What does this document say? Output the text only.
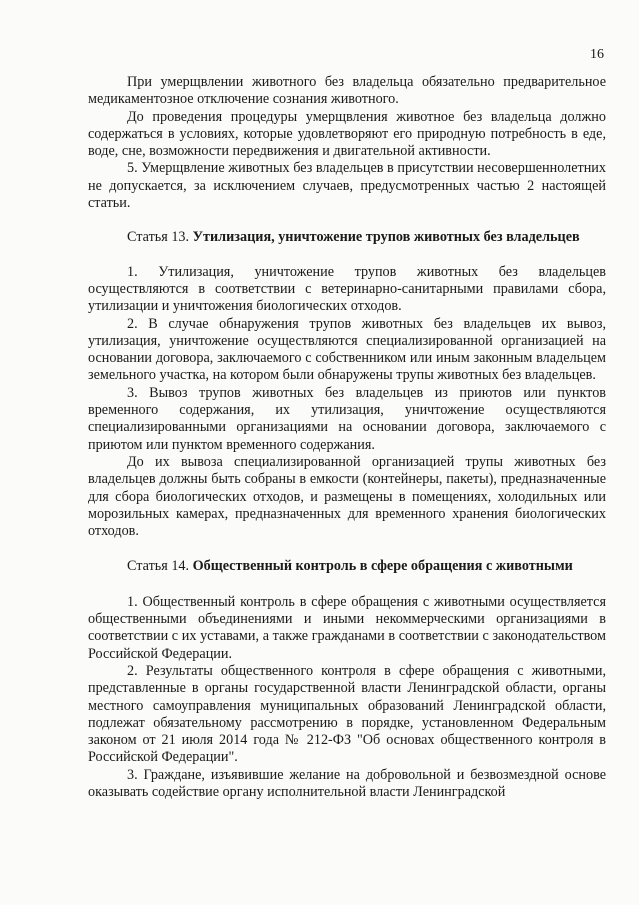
16

При умерщвлении животного без владельца обязательно предварительное медикаментозное отключение сознания животного.

До проведения процедуры умерщвления животное без владельца должно содержаться в условиях, которые удовлетворяют его природную потребность в еде, воде, сне, возможности передвижения и двигательной активности.

5. Умерщвление животных без владельцев в присутствии несовершеннолетних не допускается, за исключением случаев, предусмотренных частью 2 настоящей статьи.

Статья 13. Утилизация, уничтожение трупов животных без владельцев

1. Утилизация, уничтожение трупов животных без владельцев осуществляются в соответствии с ветеринарно-санитарными правилами сбора, утилизации и уничтожения биологических отходов.

2. В случае обнаружения трупов животных без владельцев их вывоз, утилизация, уничтожение осуществляются специализированной организацией на основании договора, заключаемого с собственником или иным законным владельцем земельного участка, на котором были обнаружены трупы животных без владельцев.

3. Вывоз трупов животных без владельцев из приютов или пунктов временного содержания, их утилизация, уничтожение осуществляются специализированными организациями на основании договора, заключаемого с приютом или пунктом временного содержания.

До их вывоза специализированной организацией трупы животных без владельцев должны быть собраны в емкости (контейнеры, пакеты), предназначенные для сбора биологических отходов, и размещены в помещениях, холодильных или морозильных камерах, предназначенных для временного хранения биологических отходов.

Статья 14. Общественный контроль в сфере обращения с животными

1. Общественный контроль в сфере обращения с животными осуществляется общественными объединениями и иными некоммерческими организациями в соответствии с их уставами, а также гражданами в соответствии с законодательством Российской Федерации.

2. Результаты общественного контроля в сфере обращения с животными, представленные в органы государственной власти Ленинградской области, органы местного самоуправления муниципальных образований Ленинградской области, подлежат обязательному рассмотрению в порядке, установленном Федеральным законом от 21 июля 2014 года № 212-ФЗ "Об основах общественного контроля в Российской Федерации".

3. Граждане, изъявившие желание на добровольной и безвозмездной основе оказывать содействие органу исполнительной власти Ленинградской
